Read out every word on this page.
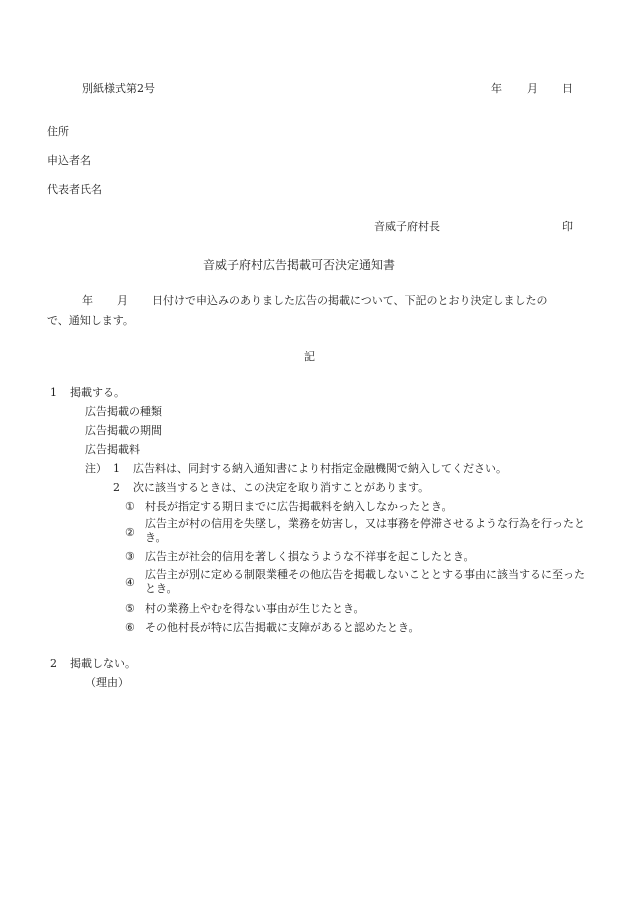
別紙様式第2号	年 月 日
住所
申込者名
代表者氏名
音威子府村長	印
音威子府村広告掲載可否決定通知書
年 月 日付けで申込みのありました広告の掲載について、下記のとおり決定しましたの
で、通知します。
記
1 掲載する。
広告掲載の種類
広告掲載の期間
広告掲載料
注） 1 広告料は、同封する納入通知書により村指定金融機関で納入してください。
2 次に該当するときは、この決定を取り消すことがあります。
① 村長が指定する期日までに広告掲載料を納入しなかったとき。
②
広告主が村の信用を失墜し，業務を妨害し，又は事務を停滞させるような行為を行ったとき。
③ 広告主が社会的信用を著しく損なうような不祥事を起こしたとき。
④
広告主が別に定める制限業種その他広告を掲載しないこととする事由に該当するに至ったとき。
⑤ 村の業務上やむを得ない事由が生じたとき。
⑥ その他村長が特に広告掲載に支障があると認めたとき。
2 掲載しない。
（理由）
